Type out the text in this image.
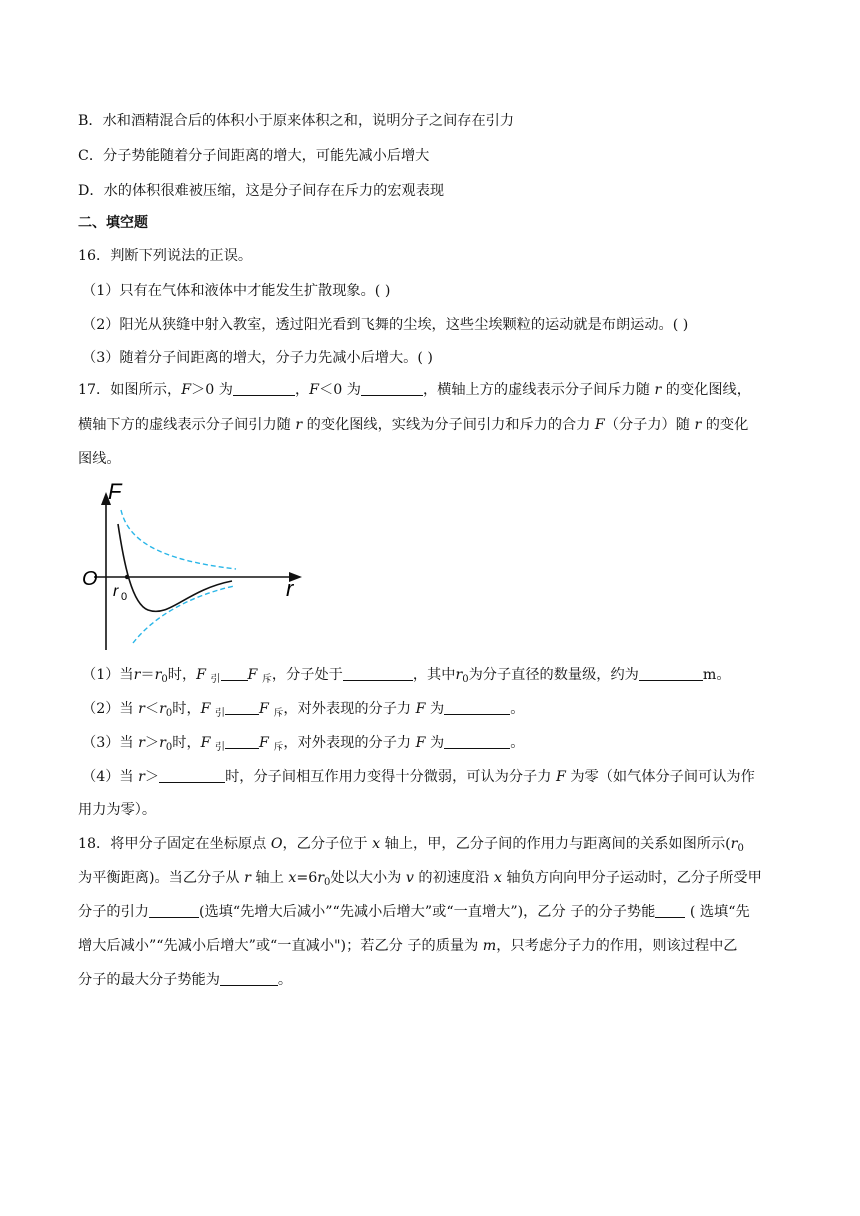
B．水和酒精混合后的体积小于原来体积之和，说明分子之间存在引力
C．分子势能随着分子间距离的增大，可能先减小后增大
D．水的体积很难被压缩，这是分子间存在斥力的宏观表现
二、填空题
16．判断下列说法的正误。
（1）只有在气体和液体中才能发生扩散现象。( )
（2）阳光从狭缝中射入教室，透过阳光看到飞舞的尘埃，这些尘埃颗粒的运动就是布朗运动。( )
（3）随着分子间距离的增大，分子力先减小后增大。( )
17．如图所示，F＞0 为	，F＜0 为	，横轴上方的虚线表示分子间斥力随 r 的变化图线，
横轴下方的虚线表示分子间引力随 r 的变化图线，实线为分子间引力和斥力的合力 F（分子力）随 r 的变化
图线。
F
O	r
r 0
（1）当$r=r_0$时，F $_引$ F $_斥$，分子处于	，其中$r_0$为分子直径的数量级，约为	m。
（2）当 $r<r_0$时，F $_引$ F $_斥$，对外表现的分子力 F 为	。
（3）当 $r>r_0$时，F $_引$ F $_斥$，对外表现的分子力 F 为	。
（4）当 r＞	时，分子间相互作用力变得十分微弱，可认为分子力 F 为零（如气体分子间可认为作
用力为零）。
18．将甲分子固定在坐标原点 O，乙分子位于 x 轴上，甲，乙分子间的作用力与距离间的关系如图所示($r_0$
为平衡距离)。当乙分子从 r 轴上 $x=6r_0$处以大小为 v 的初速度沿 x 轴负方向向甲分子运动时，乙分子所受甲
分子的引力	(选填“先增大后减小”“先减小后增大”或“一直增大”)，乙分 子的分子势能 ( 选填“先
增大后减小”“先减小后增大”或“一直减小")；若乙分 子的质量为 m，只考虑分子力的作用，则该过程中乙
分子的最大分子势能为	。
